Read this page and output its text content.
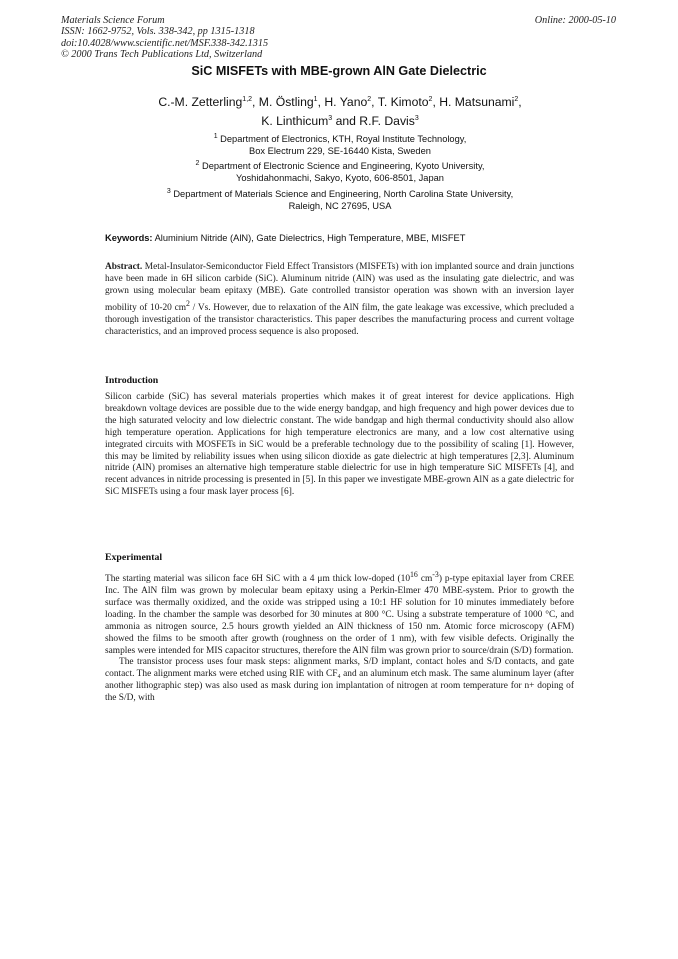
Materials Science Forum
ISSN: 1662-9752, Vols. 338-342, pp 1315-1318
doi:10.4028/www.scientific.net/MSF.338-342.1315
© 2000 Trans Tech Publications Ltd, Switzerland
Online: 2000-05-10
SiC MISFETs with MBE-grown AlN Gate Dielectric
C.-M. Zetterling$^{1,2}$, M. Östling$^1$, H. Yano$^2$, T. Kimoto$^2$, H. Matsunami$^2$,
K. Linthicum$^3$ and R.F. Davis$^3$
$^1$ Department of Electronics, KTH, Royal Institute Technology,
Box Electrum 229, SE-16440 Kista, Sweden
$^2$ Department of Electronic Science and Engineering, Kyoto University,
Yoshidahonmachi, Sakyo, Kyoto, 606-8501, Japan
$^3$ Department of Materials Science and Engineering, North Carolina State University,
Raleigh, NC 27695, USA
Keywords: Aluminium Nitride (AlN), Gate Dielectrics, High Temperature, MBE, MISFET

Abstract. Metal-Insulator-Semiconductor Field Effect Transistors (MISFETs) with ion implanted source and drain junctions have been made in 6H silicon carbide (SiC). Aluminum nitride (AlN) was used as the insulating gate dielectric, and was grown using molecular beam epitaxy (MBE). Gate controlled transistor operation was shown with an inversion layer mobility of 10-20 $cm^2$ / Vs. However, due to relaxation of the AlN film, the gate leakage was excessive, which precluded a thorough investigation of the transistor characteristics. This paper describes the manufacturing process and current voltage characteristics, and an improved process sequence is also proposed.

Introduction

Silicon carbide (SiC) has several materials properties which makes it of great interest for device applications. High breakdown voltage devices are possible due to the wide energy bandgap, and high frequency and high power devices due to the high saturated velocity and low dielectric constant. The wide bandgap and high thermal conductivity should also allow high temperature operation. Applications for high temperature electronics are many, and a low cost alternative using integrated circuits with MOSFETs in SiC would be a preferable technology due to the possibility of scaling [1]. However, this may be limited by reliability issues when using silicon dioxide as gate dielectric at high temperatures [2,3]. Aluminum nitride (AlN) promises an alternative high temperature stable dielectric for use in high temperature SiC MISFETs [4], and recent advances in nitride processing is presented in [5]. In this paper we investigate MBE-grown AlN as a gate dielectric for SiC MISFETs using a four mask layer process [6].

Experimental

The starting material was silicon face 6H SiC with a 4 μm thick low-doped ($10^{16}$ $cm^{-3}$) p-type epitaxial layer from CREE Inc. The AlN film was grown by molecular beam epitaxy using a Perkin-Elmer 470 MBE-system. Prior to growth the surface was thermally oxidized, and the oxide was stripped using a 10:1 HF solution for 10 minutes immediately before loading. In the chamber the sample was desorbed for 30 minutes at 800 °C. Using a substrate temperature of 1000 °C, and ammonia as nitrogen source, 2.5 hours growth yielded an AlN thickness of 150 nm. Atomic force microscopy (AFM) showed the films to be smooth after growth (roughness on the order of 1 nm), with few visible defects. Originally the samples were intended for MIS capacitor structures, therefore the AlN film was grown prior to source/drain (S/D) formation.

The transistor process uses four mask steps: alignment marks, S/D implant, contact holes and S/D contacts, and gate contact. The alignment marks were etched using RIE with CF₄ and an aluminum etch mask. The same aluminum layer (after another lithographic step) was also used as mask during ion implantation of nitrogen at room temperature for n+ doping of the S/D, with
